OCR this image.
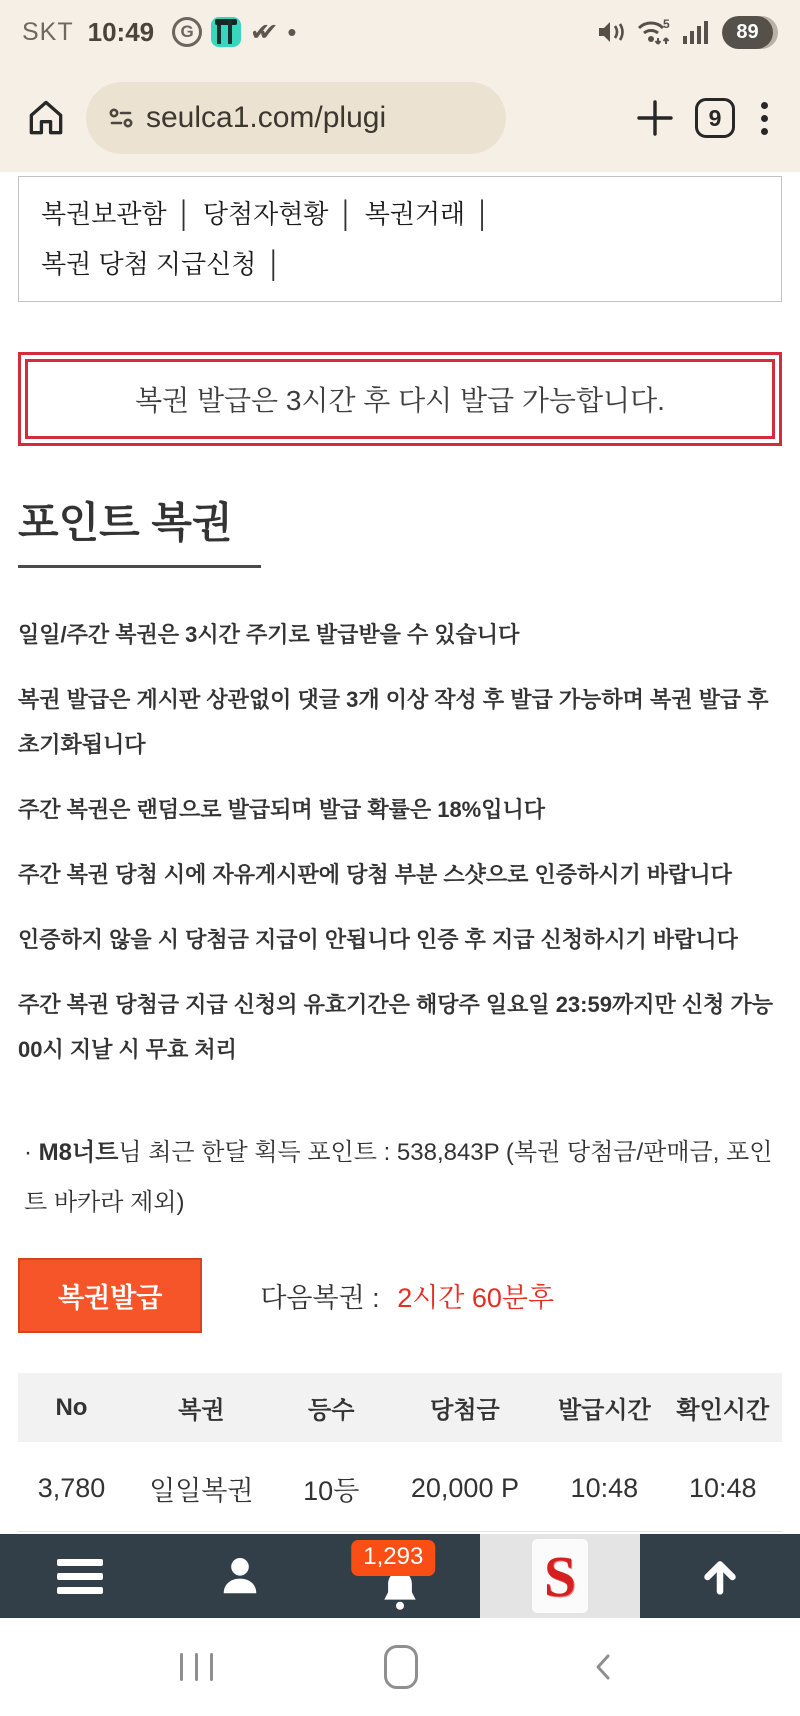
SKT 10:49	G	✔✔ •	5	89
seulca1.com/plugi	9
복권보관함 │ 당첨자현황 │ 복권거래 │
복권 당첨 지급신청 │
복권 발급은 3시간 후 다시 발급 가능합니다.
포인트 복권

일일/주간 복권은 3시간 주기로 발급받을 수 있습니다

복권 발급은 게시판 상관없이 댓글 3개 이상 작성 후 발급 가능하며 복권 발급 후 초기화됩니다

주간 복권은 랜덤으로 발급되며 발급 확률은 18%입니다

주간 복권 당첨 시에 자유게시판에 당첨 부분 스샷으로 인증하시기 바랍니다

인증하지 않을 시 당첨금 지급이 안됩니다 인증 후 지급 신청하시기 바랍니다

주간 복권 당첨금 지급 신청의 유효기간은 해당주 일요일 23:59까지만 신청 가능 00시 지날 시 무효 처리

· M8너트님 최근 한달 획득 포인트 : 538,843P (복권 당첨금/판매금, 포인트 바카라 제외)

복권발급	다음복권 : 2시간 60분후
No	복권	등수	당첨금	발급시간	확인시간
3,780	일일복권	10등	20,000 P	10:48	10:48

1,293 S
